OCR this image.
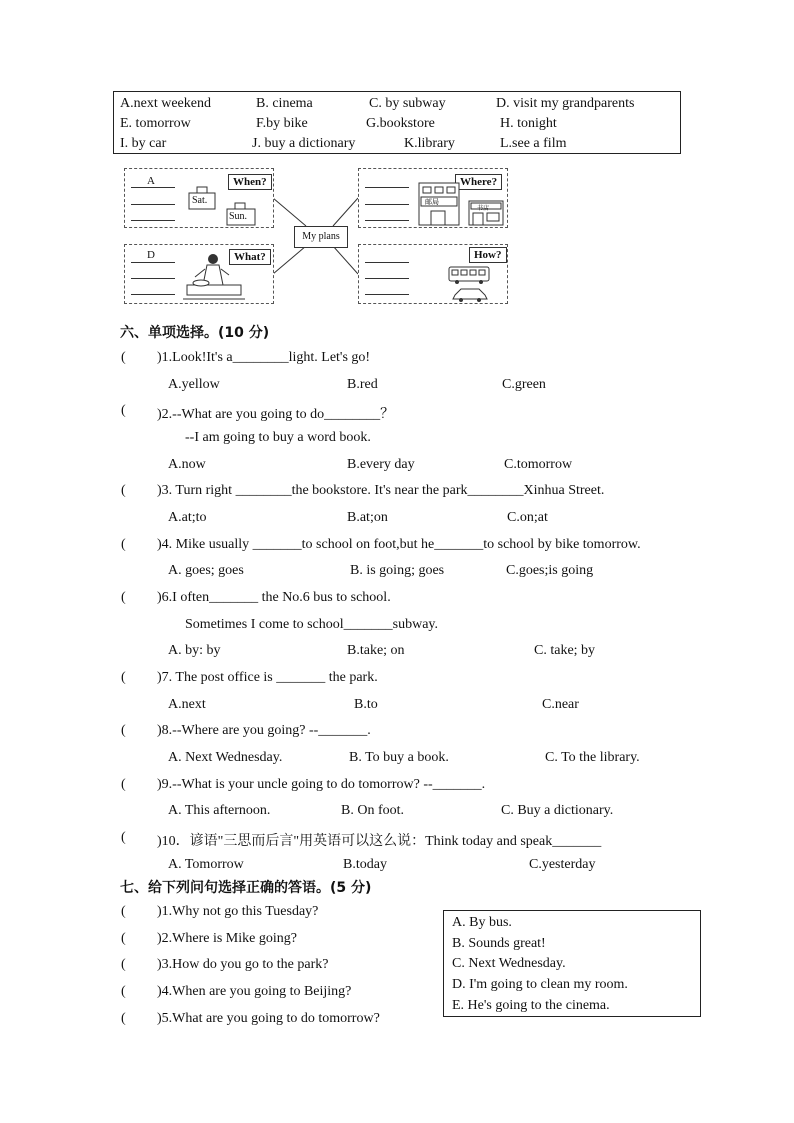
A.next weekend	B. cinema	C. by subway	D. visit my grandparents
E. tomorrow	F.by bike	G.bookstore	H. tonight
I. by car	J. buy a dictionary	K.library	L.see a film
A	When?
Sat.
Sun.
Where?
邮局
书店
My plans
D	What?	How?
六、单项选择。(10 分)
( )1.Look!It's a________light. Let's go!
A.yellow	B.red	C.green
( )2.--What are you going to do________？
--I am going to buy a word book.
A.now	B.every day	C.tomorrow
( )3. Turn right ________the bookstore. It's near the park________Xinhua Street.
A.at;to	B.at;on	C.on;at
( )4. Mike usually _______to school on foot,but he_______to school by bike tomorrow.
A. goes; goes	B. is going; goes	C.goes;is going
( )6.I often_______ the No.6 bus to school.
Sometimes I come to school_______subway.
A. by: by	B.take; on	C. take; by
( )7. The post office is _______ the park.
A.next	B.to	C.near
( )8.--Where are you going? --_______.
A. Next Wednesday.	B. To buy a book.	C. To the library.
( )9.--What is your uncle going to do tomorrow? --_______.
A. This afternoon.	B. On foot.	C. Buy a dictionary.
( )10．谚语"三思而后言"用英语可以这么说：Think today and speak_______
A. Tomorrow	B.today	C.yesterday
七、给下列问句选择正确的答语。(5 分)
( )1.Why not go this Tuesday?
( )2.Where is Mike going?
( )3.How do you go to the park?
( )4.When are you going to Beijing?
( )5.What are you going to do tomorrow?
A. By bus.
B. Sounds great!
C. Next Wednesday.
D. I'm going to clean my room.
E. He's going to the cinema.
